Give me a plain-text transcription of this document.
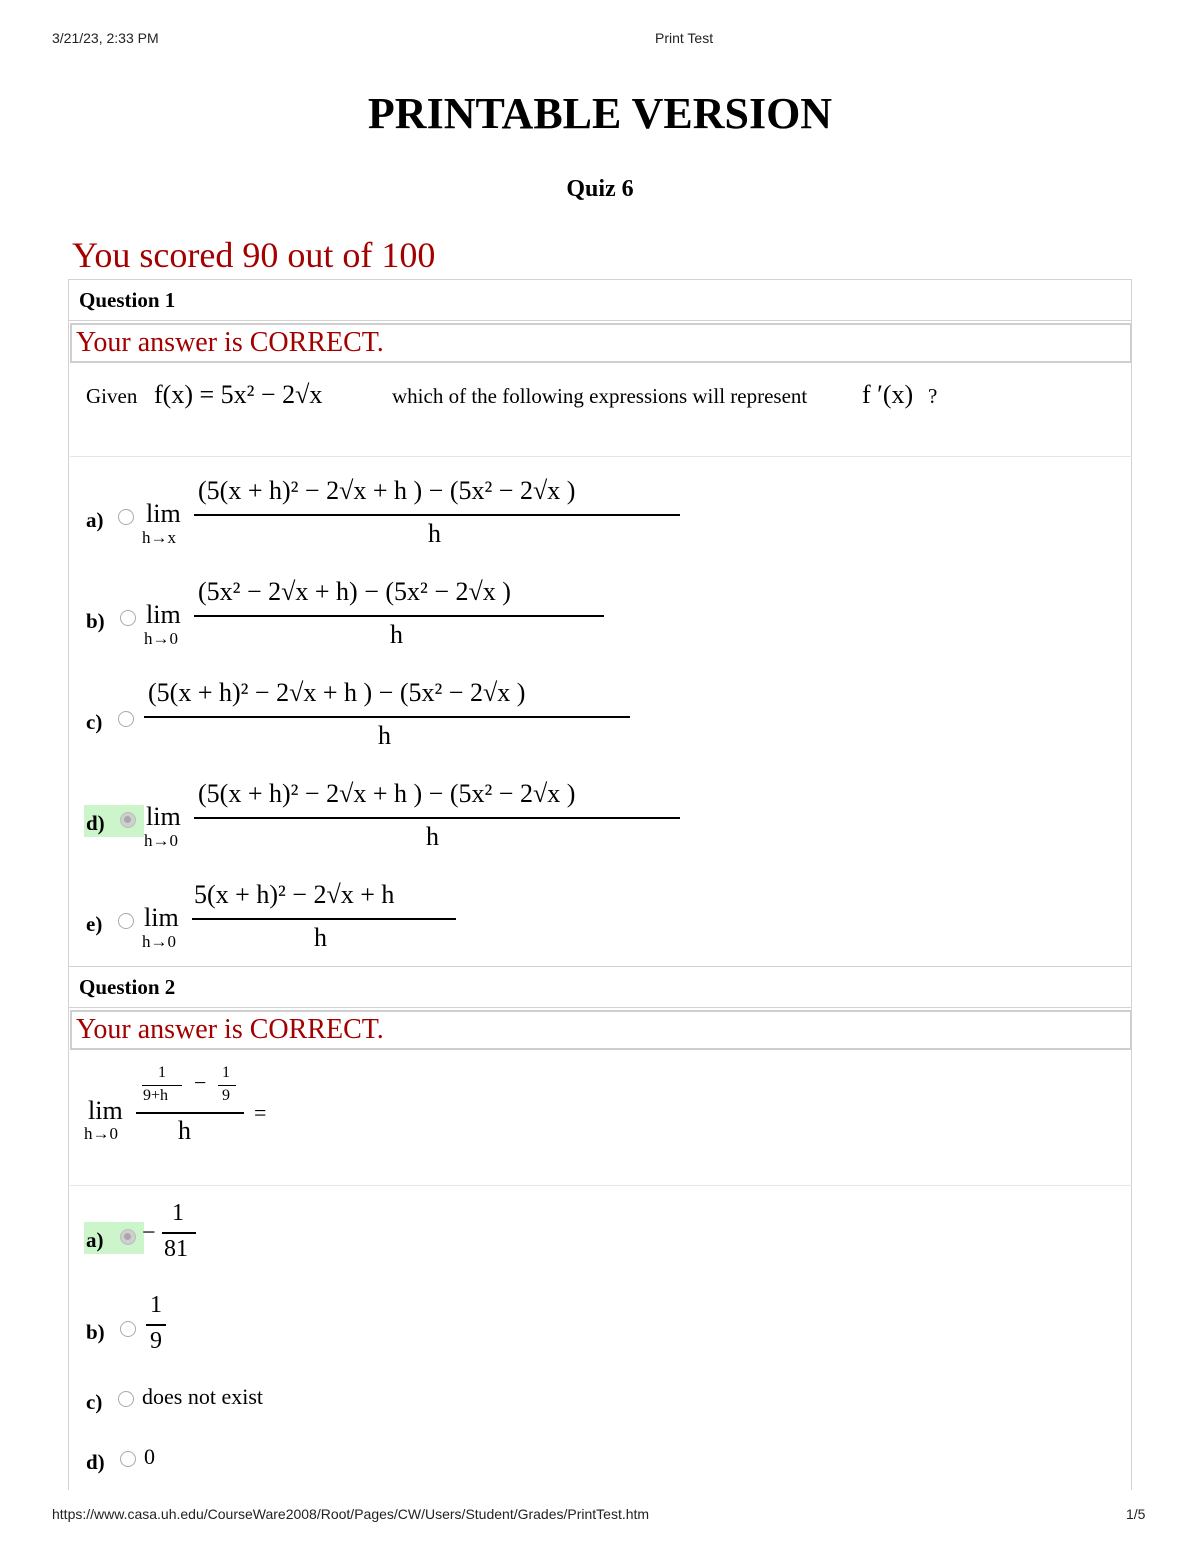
3/21/23, 2:33 PM	Print Test
PRINTABLE VERSION
Quiz 6
You scored 90 out of 100
Question 1
Your answer is CORRECT.
Given f(x) = 5x² − 2√x	which of the following expressions will represent f ′(x) ?
a) lim
h→x
(5(x + h)² − 2√x + h ) − (5x² − 2√x )
h
b) lim
h→0
(5x² − 2√x + h) − (5x² − 2√x )
h
c)
(5(x + h)² − 2√x + h ) − (5x² − 2√x )
h
d) lim
h→0
(5(x + h)² − 2√x + h ) − (5x² − 2√x )
h
e) lim
h→0
5(x + h)² − 2√x + h
h
Question 2
Your answer is CORRECT.
lim
h→0
1
9+h
− 1
9
h
=
a) −
1
81
b)
1
9
c) does not exist
d) 0
https://www.casa.uh.edu/CourseWare2008/Root/Pages/CW/Users/Student/Grades/PrintTest.htm	1/5
